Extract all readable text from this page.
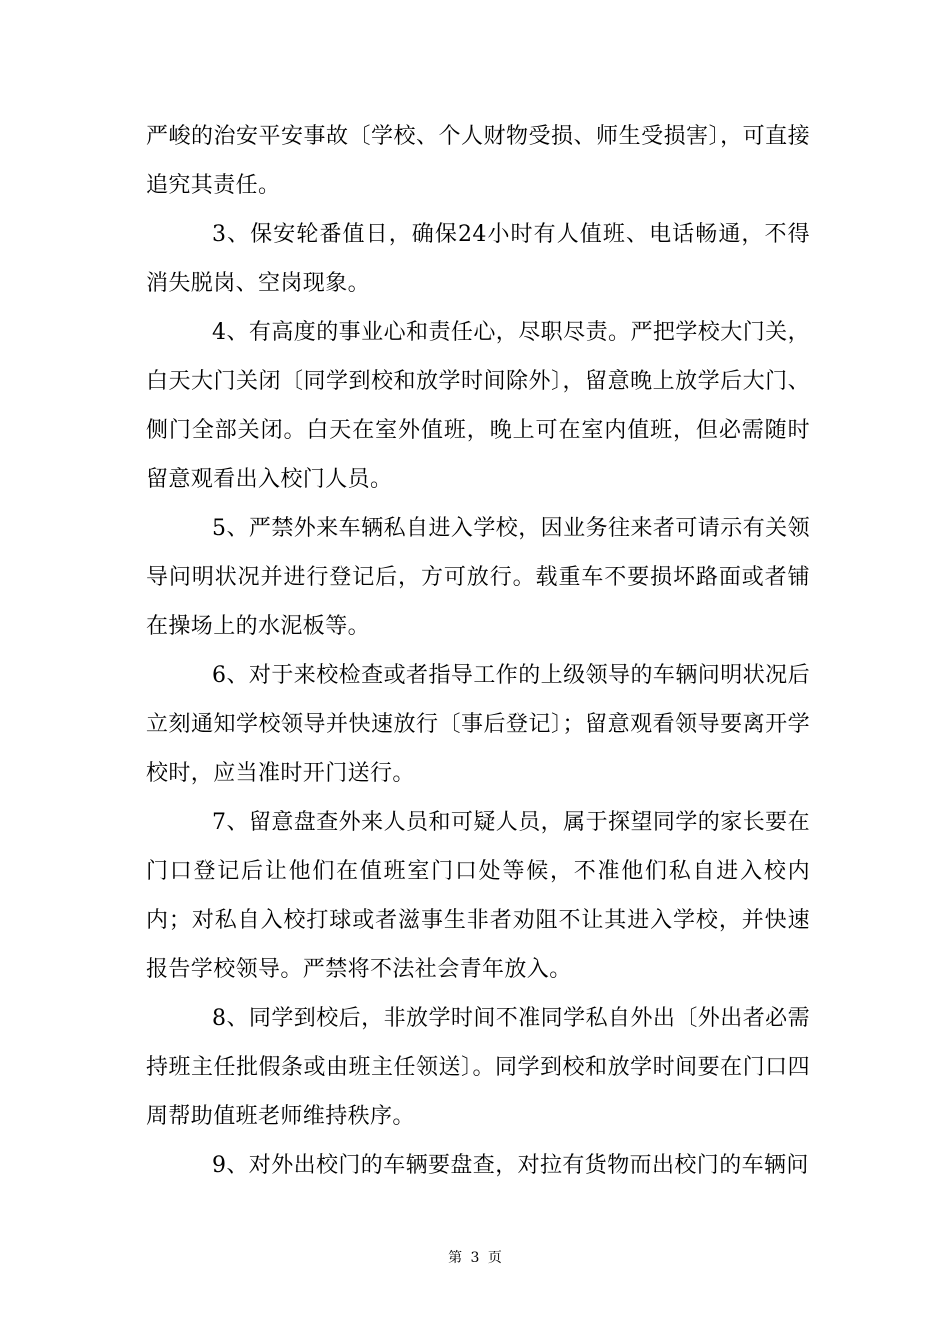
严峻的治安平安事故〔学校、个人财物受损、师生受损害〕，可直接追究其责任。

3、保安轮番值日，确保24小时有人值班、电话畅通，不得消失脱岗、空岗现象。

4、有高度的事业心和责任心，尽职尽责。严把学校大门关，白天大门关闭〔同学到校和放学时间除外〕，留意晚上放学后大门、侧门全部关闭。白天在室外值班，晚上可在室内值班，但必需随时留意观看出入校门人员。

5、严禁外来车辆私自进入学校，因业务往来者可请示有关领导问明状况并进行登记后，方可放行。载重车不要损坏路面或者铺在操场上的水泥板等。

6、对于来校检查或者指导工作的上级领导的车辆问明状况后立刻通知学校领导并快速放行〔事后登记〕；留意观看领导要离开学校时，应当准时开门送行。

7、留意盘查外来人员和可疑人员，属于探望同学的家长要在门口登记后让他们在值班室门口处等候，不准他们私自进入校内内；对私自入校打球或者滋事生非者劝阻不让其进入学校，并快速报告学校领导。严禁将不法社会青年放入。

8、同学到校后，非放学时间不准同学私自外出〔外出者必需持班主任批假条或由班主任领送〕。同学到校和放学时间要在门口四周帮助值班老师维持秩序。

9、对外出校门的车辆要盘查，对拉有货物而出校门的车辆问

第 3 页
